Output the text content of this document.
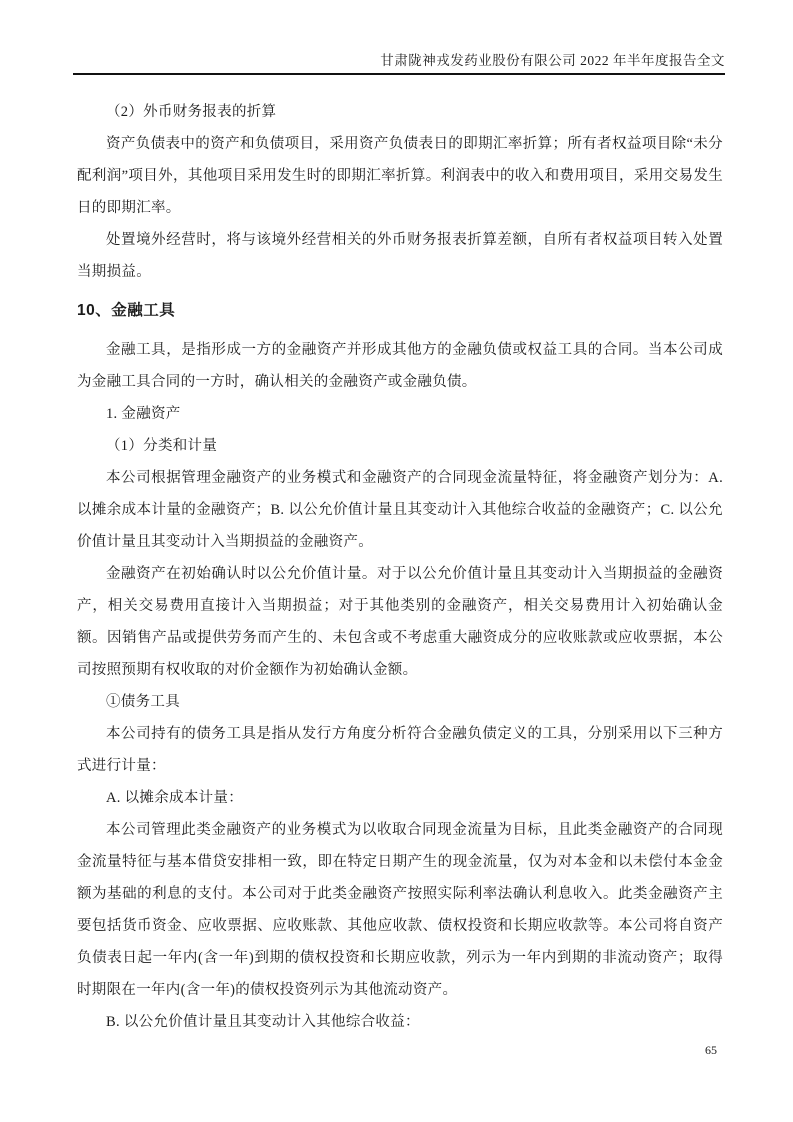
甘肃陇神戎发药业股份有限公司 2022 年半年度报告全文

（2）外币财务报表的折算

资产负债表中的资产和负债项目，采用资产负债表日的即期汇率折算；所有者权益项目除“未分配利润”项目外，其他项目采用发生时的即期汇率折算。利润表中的收入和费用项目，采用交易发生日的即期汇率。

处置境外经营时，将与该境外经营相关的外币财务报表折算差额，自所有者权益项目转入处置当期损益。

10、金融工具

金融工具，是指形成一方的金融资产并形成其他方的金融负债或权益工具的合同。当本公司成为金融工具合同的一方时，确认相关的金融资产或金融负债。

1. 金融资产

（1）分类和计量

本公司根据管理金融资产的业务模式和金融资产的合同现金流量特征，将金融资产划分为：A. 以摊余成本计量的金融资产；B. 以公允价值计量且其变动计入其他综合收益的金融资产；C. 以公允价值计量且其变动计入当期损益的金融资产。

金融资产在初始确认时以公允价值计量。对于以公允价值计量且其变动计入当期损益的金融资产，相关交易费用直接计入当期损益；对于其他类别的金融资产，相关交易费用计入初始确认金额。因销售产品或提供劳务而产生的、未包含或不考虑重大融资成分的应收账款或应收票据，本公司按照预期有权收取的对价金额作为初始确认金额。

①债务工具

本公司持有的债务工具是指从发行方角度分析符合金融负债定义的工具，分别采用以下三种方式进行计量：

A. 以摊余成本计量：

本公司管理此类金融资产的业务模式为以收取合同现金流量为目标，且此类金融资产的合同现金流量特征与基本借贷安排相一致，即在特定日期产生的现金流量，仅为对本金和以未偿付本金金额为基础的利息的支付。本公司对于此类金融资产按照实际利率法确认利息收入。此类金融资产主要包括货币资金、应收票据、应收账款、其他应收款、债权投资和长期应收款等。本公司将自资产负债表日起一年内(含一年)到期的债权投资和长期应收款，列示为一年内到期的非流动资产；取得时期限在一年内(含一年)的债权投资列示为其他流动资产。

B. 以公允价值计量且其变动计入其他综合收益：

65
